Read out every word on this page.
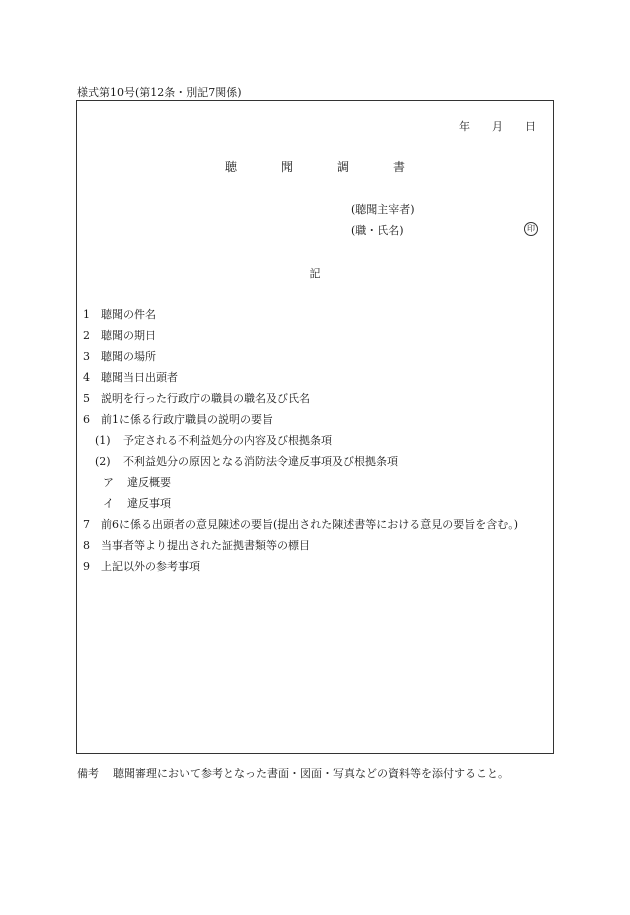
様式第10号(第12条・別記7関係)
年 月 日
聴	聞	調	書
(聴聞主宰者)
(職・氏名)	印
記
1 聴聞の件名
2 聴聞の期日
3 聴聞の場所
4 聴聞当日出頭者
5 説明を行った行政庁の職員の職名及び氏名
6 前1に係る行政庁職員の説明の要旨
(1) 予定される不利益処分の内容及び根拠条項
(2) 不利益処分の原因となる消防法令違反事項及び根拠条項
ア 違反概要
イ 違反事項
7 前6に係る出頭者の意見陳述の要旨(提出された陳述書等における意見の要旨を含む。)
8 当事者等より提出された証拠書類等の標目
9 上記以外の参考事項
備考 聴聞審理において参考となった書面・図面・写真などの資料等を添付すること。
